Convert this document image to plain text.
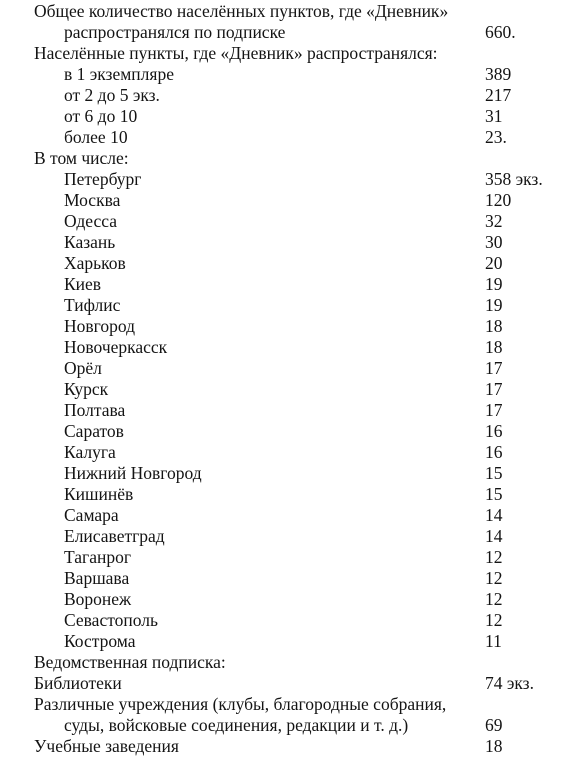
Общее количество населённых пунктов, где «Дневник»
распространялся по подписке	660.
Населённые пункты, где «Дневник» распространялся:
в 1 экземпляре	389
от 2 до 5 экз.	217
от 6 до 10	31
более 10	23.
В том числе:
Петербург	358 экз.
Москва	120
Одесса	32
Казань	30
Харьков	20
Киев	19
Тифлис	19
Новгород	18
Новочеркасск	18
Орёл	17
Курск	17
Полтава	17
Саратов	16
Калуга	16
Нижний Новгород	15
Кишинёв	15
Самара	14
Елисаветград	14
Таганрог	12
Варшава	12
Воронеж	12
Севастополь	12
Кострома	11
Ведомственная подписка:
Библиотеки	74 экз.
Различные учреждения (клубы, благородные собрания,
суды, войсковые соединения, редакции и т. д.)	69
Учебные заведения	18
